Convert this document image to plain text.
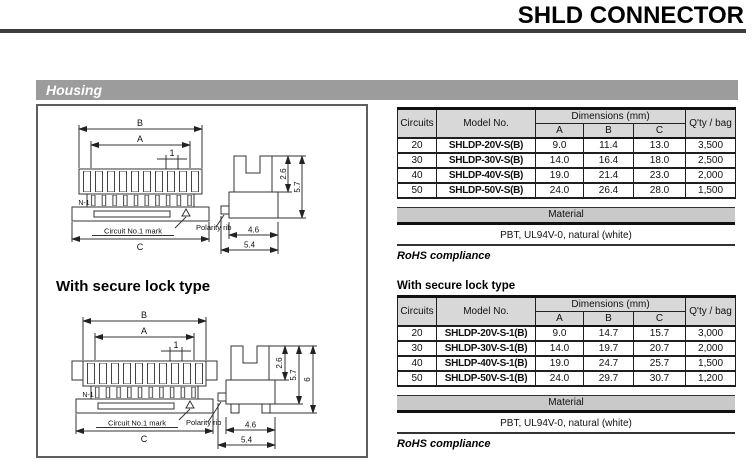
SHLD CONNECTOR
Housing
B
A
1
N-1
Circuit No.1 mark
C
2.6
5.7
4.6
5.4
Polarity rib
With secure lock type
B
A
1
N-1
Circuit No.1 mark
C
2.6
5.7 6
4.6
5.4
Polarity rib
Circuits	Model No.	Dimensions (mm)			Q'ty / bag
		A	B	C	
20	SHLDP-20V-S(B)	9.0	11.4	13.0	3,500
30	SHLDP-30V-S(B)	14.0	16.4	18.0	2,500
40	SHLDP-40V-S(B)	19.0	21.4	23.0	2,000
50	SHLDP-50V-S(B)	24.0	26.4	28.0	1,500
Material
PBT, UL94V-0, natural (white)
RoHS compliance
With secure lock type
Circuits	Model No.	Dimensions (mm)			Q'ty / bag
		A	B	C	
20	SHLDP-20V-S-1(B)	9.0	14.7	15.7	3,000
30	SHLDP-30V-S-1(B)	14.0	19.7	20.7	2,000
40	SHLDP-40V-S-1(B)	19.0	24.7	25.7	1,500
50	SHLDP-50V-S-1(B)	24.0	29.7	30.7	1,200
Material
PBT, UL94V-0, natural (white)
RoHS compliance
